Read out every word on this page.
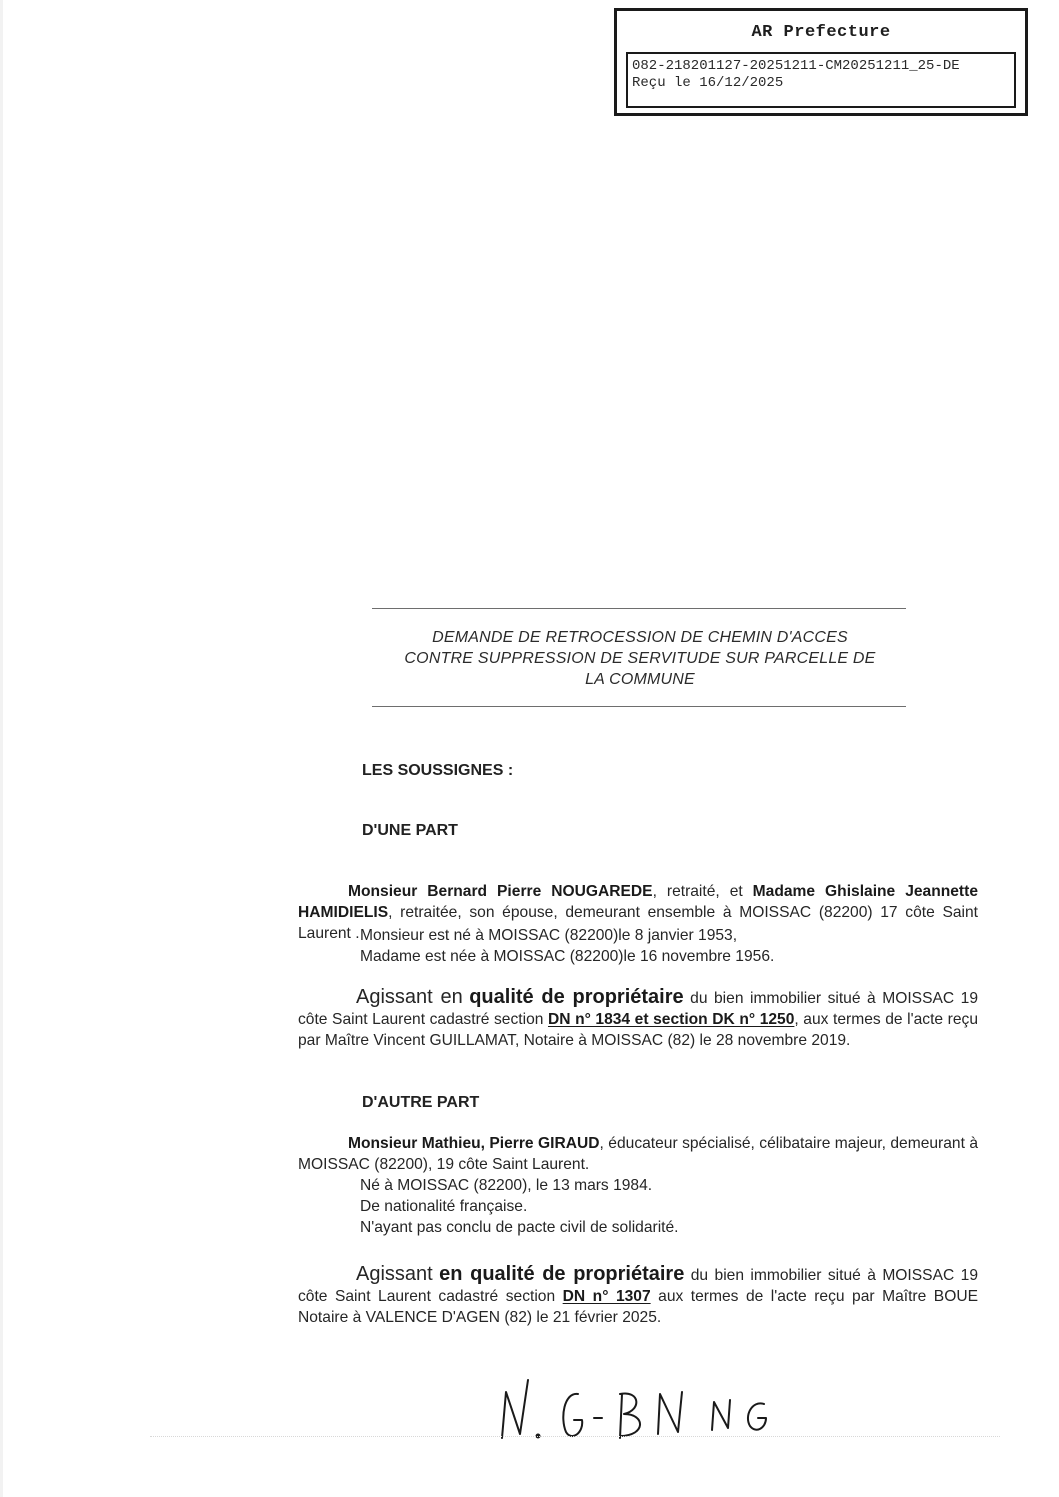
AR Prefecture
082-218201127-20251211-CM20251211_25-DE
Reçu le 16/12/2025
DEMANDE DE RETROCESSION DE CHEMIN D'ACCES
CONTRE SUPPRESSION DE SERVITUDE SUR PARCELLE DE
LA COMMUNE
LES SOUSSIGNES :
D'UNE PART
Monsieur Bernard Pierre NOUGAREDE, retraité, et Madame Ghislaine Jeannette HAMIDIELIS, retraitée, son épouse, demeurant ensemble à MOISSAC (82200) 17 côte Saint Laurent . Monsieur est né à MOISSAC (82200)le 8 janvier 1953,
Madame est née à MOISSAC (82200)le 16 novembre 1956.
Agissant en qualité de propriétaire du bien immobilier situé à MOISSAC 19 côte Saint Laurent cadastré section DN n° 1834 et section DK n° 1250, aux termes de l'acte reçu par Maître Vincent GUILLAMAT, Notaire à MOISSAC (82) le 28 novembre 2019.
D'AUTRE PART
Monsieur Mathieu, Pierre GIRAUD, éducateur spécialisé, célibataire majeur, demeurant à MOISSAC (82200), 19 côte Saint Laurent.
Né à MOISSAC (82200), le 13 mars 1984.
De nationalité française.
N'ayant pas conclu de pacte civil de solidarité.
Agissant en qualité de propriétaire du bien immobilier situé à MOISSAC 19 côte Saint Laurent cadastré section DN n° 1307 aux termes de l'acte reçu par Maître BOUE Notaire à VALENCE D'AGEN (82) le 21 février 2025.
